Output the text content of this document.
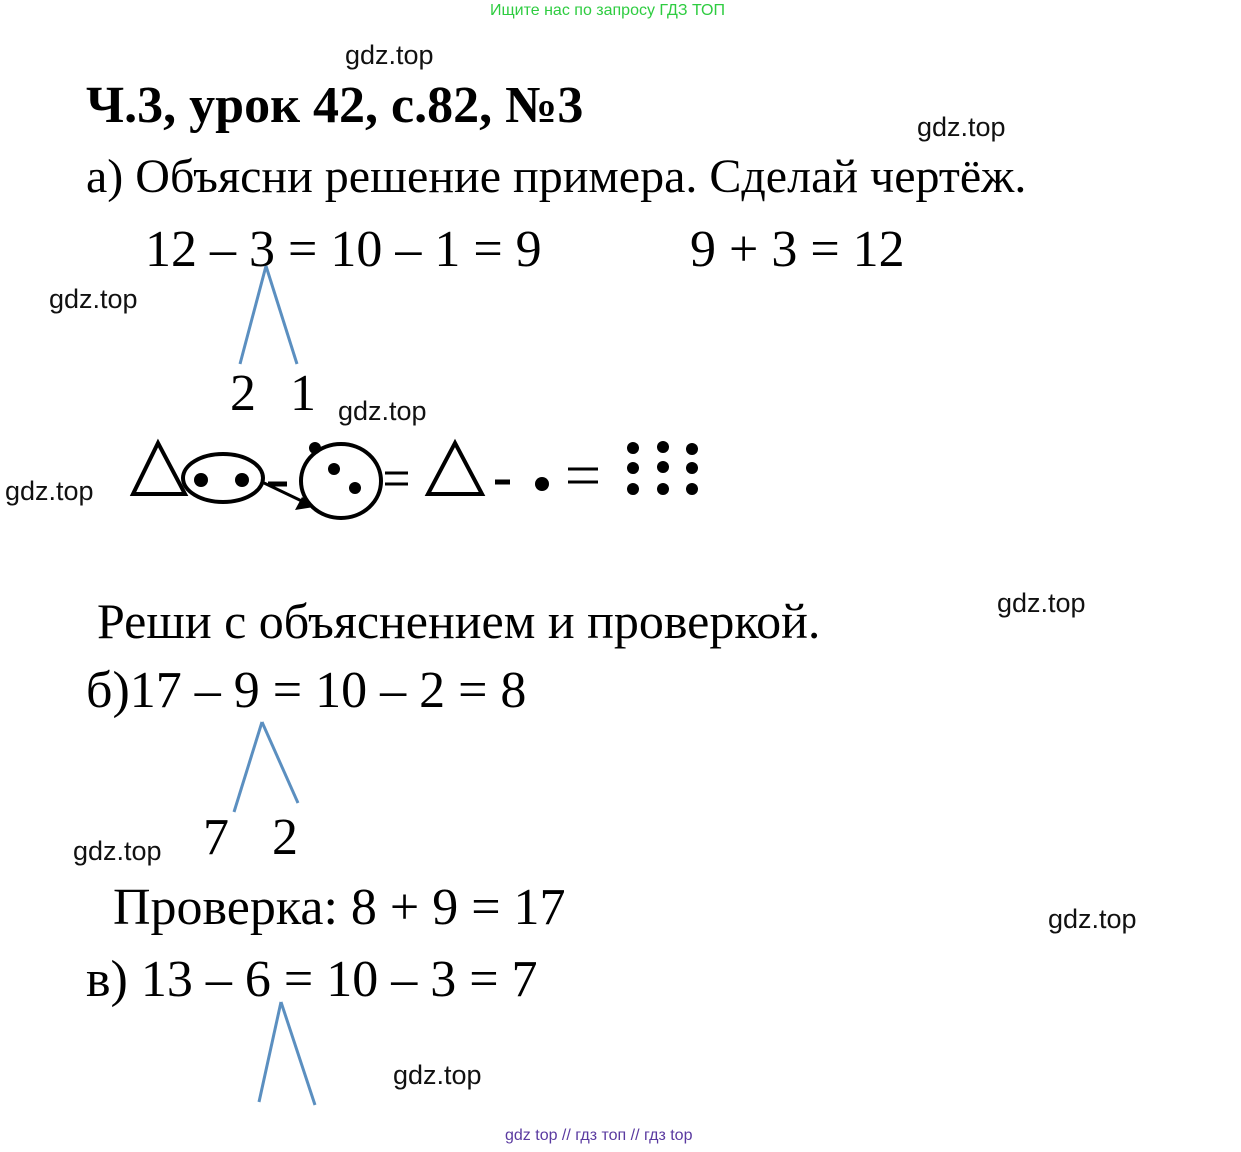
Ищите нас по запросу ГДЗ ТОП
gdz.top
gdz.top
gdz.top
gdz.top
gdz.top
gdz.top
gdz.top
gdz.top
gdz.top
Ч.3, урок 42, с.82, №3
а) Объясни решение примера. Сделай чертёж.
12 – 3 = 10 – 1 = 9	9 + 3 = 12
2 1
Реши с объяснением и проверкой.
б)17 – 9 = 10 – 2 = 8
7 2
Проверка: 8 + 9 = 17
в) 13 – 6 = 10 – 3 = 7
gdz top // гдз топ // гдз top
